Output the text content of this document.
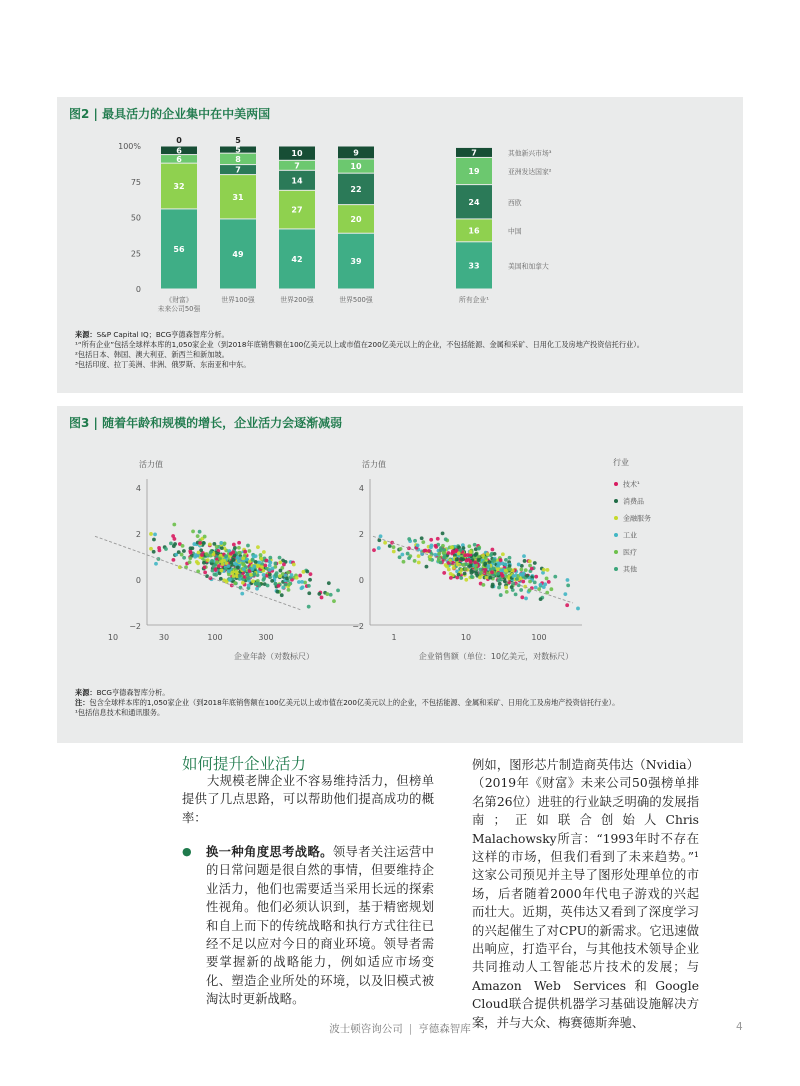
图2 | 最具活力的企业集中在中美两国
100%
75
50
25
0
56
32
6
6
0
《财富》
未来公司50强
49
31
7
8
5
5
世界100强
42
27
14
7
10
世界200强
39
20
22
10
9
世界500强
33
16
24
19
7
所有企业¹
美国和加拿大
中国
西欧
亚洲发达国家²
其他新兴市场³
来源：S&P Capital IQ；BCG亨德森智库分析。
¹“所有企业”包括全球样本库的1,050家企业（到2018年底销售额在100亿美元以上或市值在200亿美元以上的企业，不包括能源、金属和采矿、日用化工及房地产投资信托行业）。
²包括日本、韩国、澳大利亚、新西兰和新加坡。
³包括印度、拉丁美洲、非洲、俄罗斯、东南亚和中东。
图3 | 随着年龄和规模的增长，企业活力会逐渐减弱
活力值
4
2
0
−2
10	30	100	300
企业年龄（对数标尺）
活力值
4
2
0
−2
1	10	100
企业销售额（单位：10亿美元，对数标尺）
行业
技术¹
消费品
金融服务
工业
医疗
其他
来源：BCG亨德森智库分析。
注：包含全球样本库的1,050家企业（到2018年底销售额在100亿美元以上或市值在200亿美元以上的企业，不包括能源、金属和采矿、日用化工及房地产投资信托行业）。
¹包括信息技术和通讯服务。
如何提升企业活力

大规模老牌企业不容易维持活力，但榜单提供了几点思路，可以帮助他们提高成功的概率：

● 换一种角度思考战略。领导者关注运营中的日常问题是很自然的事情，但要维持企业活力，他们也需要适当采用长远的探索性视角。他们必须认识到，基于精密规划和自上而下的传统战略和执行方式往往已经不足以应对今日的商业环境。领导者需要掌握新的战略能力，例如适应市场变化、塑造企业所处的环境，以及旧模式被淘汰时更新战略。

例如，图形芯片制造商英伟达（Nvidia）（2019年《财富》未来公司50强榜单排名第26位）进驻的行业缺乏明确的发展指南；正如联合创始人Chris Malachowsky所言：“1993年时不存在这样的市场，但我们看到了未来趋势。”¹ 这家公司预见并主导了图形处理单位的市场，后者随着2000年代电子游戏的兴起而壮大。近期，英伟达又看到了深度学习的兴起催生了对CPU的新需求。它迅速做出响应，打造平台，与其他技术领导企业共同推动人工智能芯片技术的发展；与Amazon Web Services和Google Cloud联合提供机器学习基础设施解决方案，并与大众、梅赛德斯奔驰、

波士顿咨询公司 | 亨德森智库	4
